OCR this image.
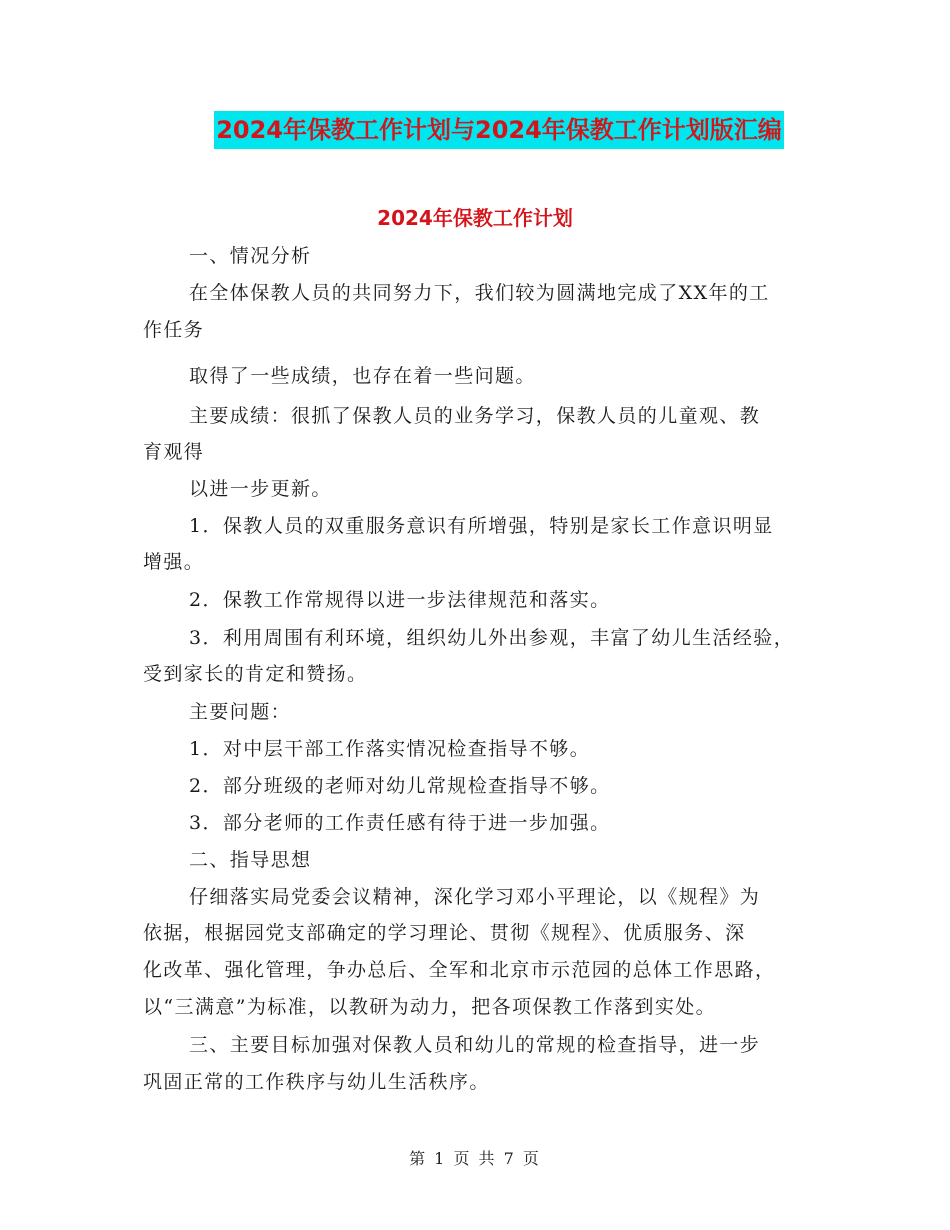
2024年保教工作计划与2024年保教工作计划版汇编
2024年保教工作计划

一、情况分析

在全体保教人员的共同努力下，我们较为圆满地完成了XX年的工

作任务

取得了一些成绩，也存在着一些问题。

主要成绩：很抓了保教人员的业务学习，保教人员的儿童观、教

育观得

以进一步更新。

1．保教人员的双重服务意识有所增强，特别是家长工作意识明显

增强。

2．保教工作常规得以进一步法律规范和落实。

3．利用周围有利环境，组织幼儿外出参观，丰富了幼儿生活经验，

受到家长的肯定和赞扬。

主要问题：

1．对中层干部工作落实情况检查指导不够。

2．部分班级的老师对幼儿常规检查指导不够。

3．部分老师的工作责任感有待于进一步加强。

二、指导思想

仔细落实局党委会议精神，深化学习邓小平理论，以《规程》为

依据，根据园党支部确定的学习理论、贯彻《规程》、优质服务、深

化改革、强化管理，争办总后、全军和北京市示范园的总体工作思路，

以“三满意”为标准，以教研为动力，把各项保教工作落到实处。

三、主要目标加强对保教人员和幼儿的常规的检查指导，进一步

巩固正常的工作秩序与幼儿生活秩序。

第 1 页 共 7 页
